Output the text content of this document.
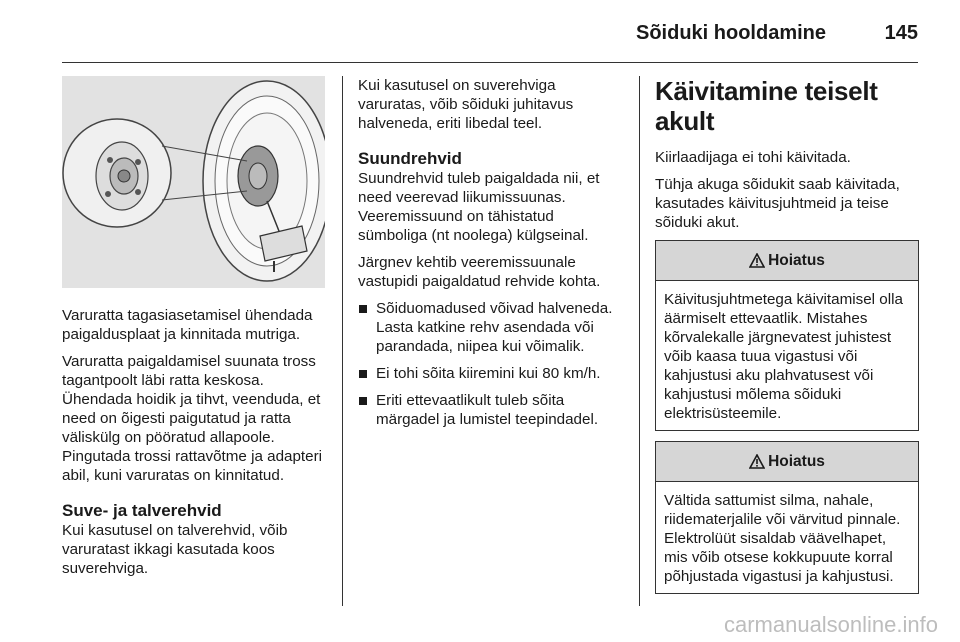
Sõiduki hooldamine	145

Varuratta tagasiasetamisel ühendada paigaldusplaat ja kinnitada mutriga.

Varuratta paigaldamisel suunata tross tagantpoolt läbi ratta keskosa. Ühendada hoidik ja tihvt, veenduda, et need on õigesti paigutatud ja ratta väliskülg on pööratud allapoole. Pingutada trossi rattavõtme ja adapteri abil, kuni varuratas on kinnitatud.

Suve- ja talverehvid

Kui kasutusel on talverehvid, võib varuratast ikkagi kasutada koos suverehviga.

Kui kasutusel on suverehviga varuratas, võib sõiduki juhitavus halveneda, eriti libedal teel.

Suundrehvid

Suundrehvid tuleb paigaldada nii, et need veerevad liikumissuunas. Veeremissuund on tähistatud sümboliga (nt noolega) külgseinal.

Järgnev kehtib veeremissuunale vastupidi paigaldatud rehvide kohta.

Sõiduomadused võivad halveneda. Lasta katkine rehv asendada või parandada, niipea kui võimalik.
Ei tohi sõita kiiremini kui 80 km/h.
Eriti ettevaatlikult tuleb sõita märgadel ja lumistel teepindadel.
Käivitamine teiselt akult

Kiirlaadijaga ei tohi käivitada.

Tühja akuga sõidukit saab käivitada, kasutades käivitusjuhtmeid ja teise sõiduki akut.

Hoiatus
Käivitusjuhtmetega käivitamisel olla äärmiselt ettevaatlik. Mistahes kõrvalekalle järgnevatest juhistest võib kaasa tuua vigastusi või kahjustusi aku plahvatusest või kahjustusi mõlema sõiduki elektrisüsteemile.
Hoiatus
Vältida sattumist silma, nahale, riidematerjalile või värvitud pinnale. Elektrolüüt sisaldab väävelhapet, mis võib otsese kokkupuute korral põhjustada vigastusi ja kahjustusi.
carmanualsonline.info
